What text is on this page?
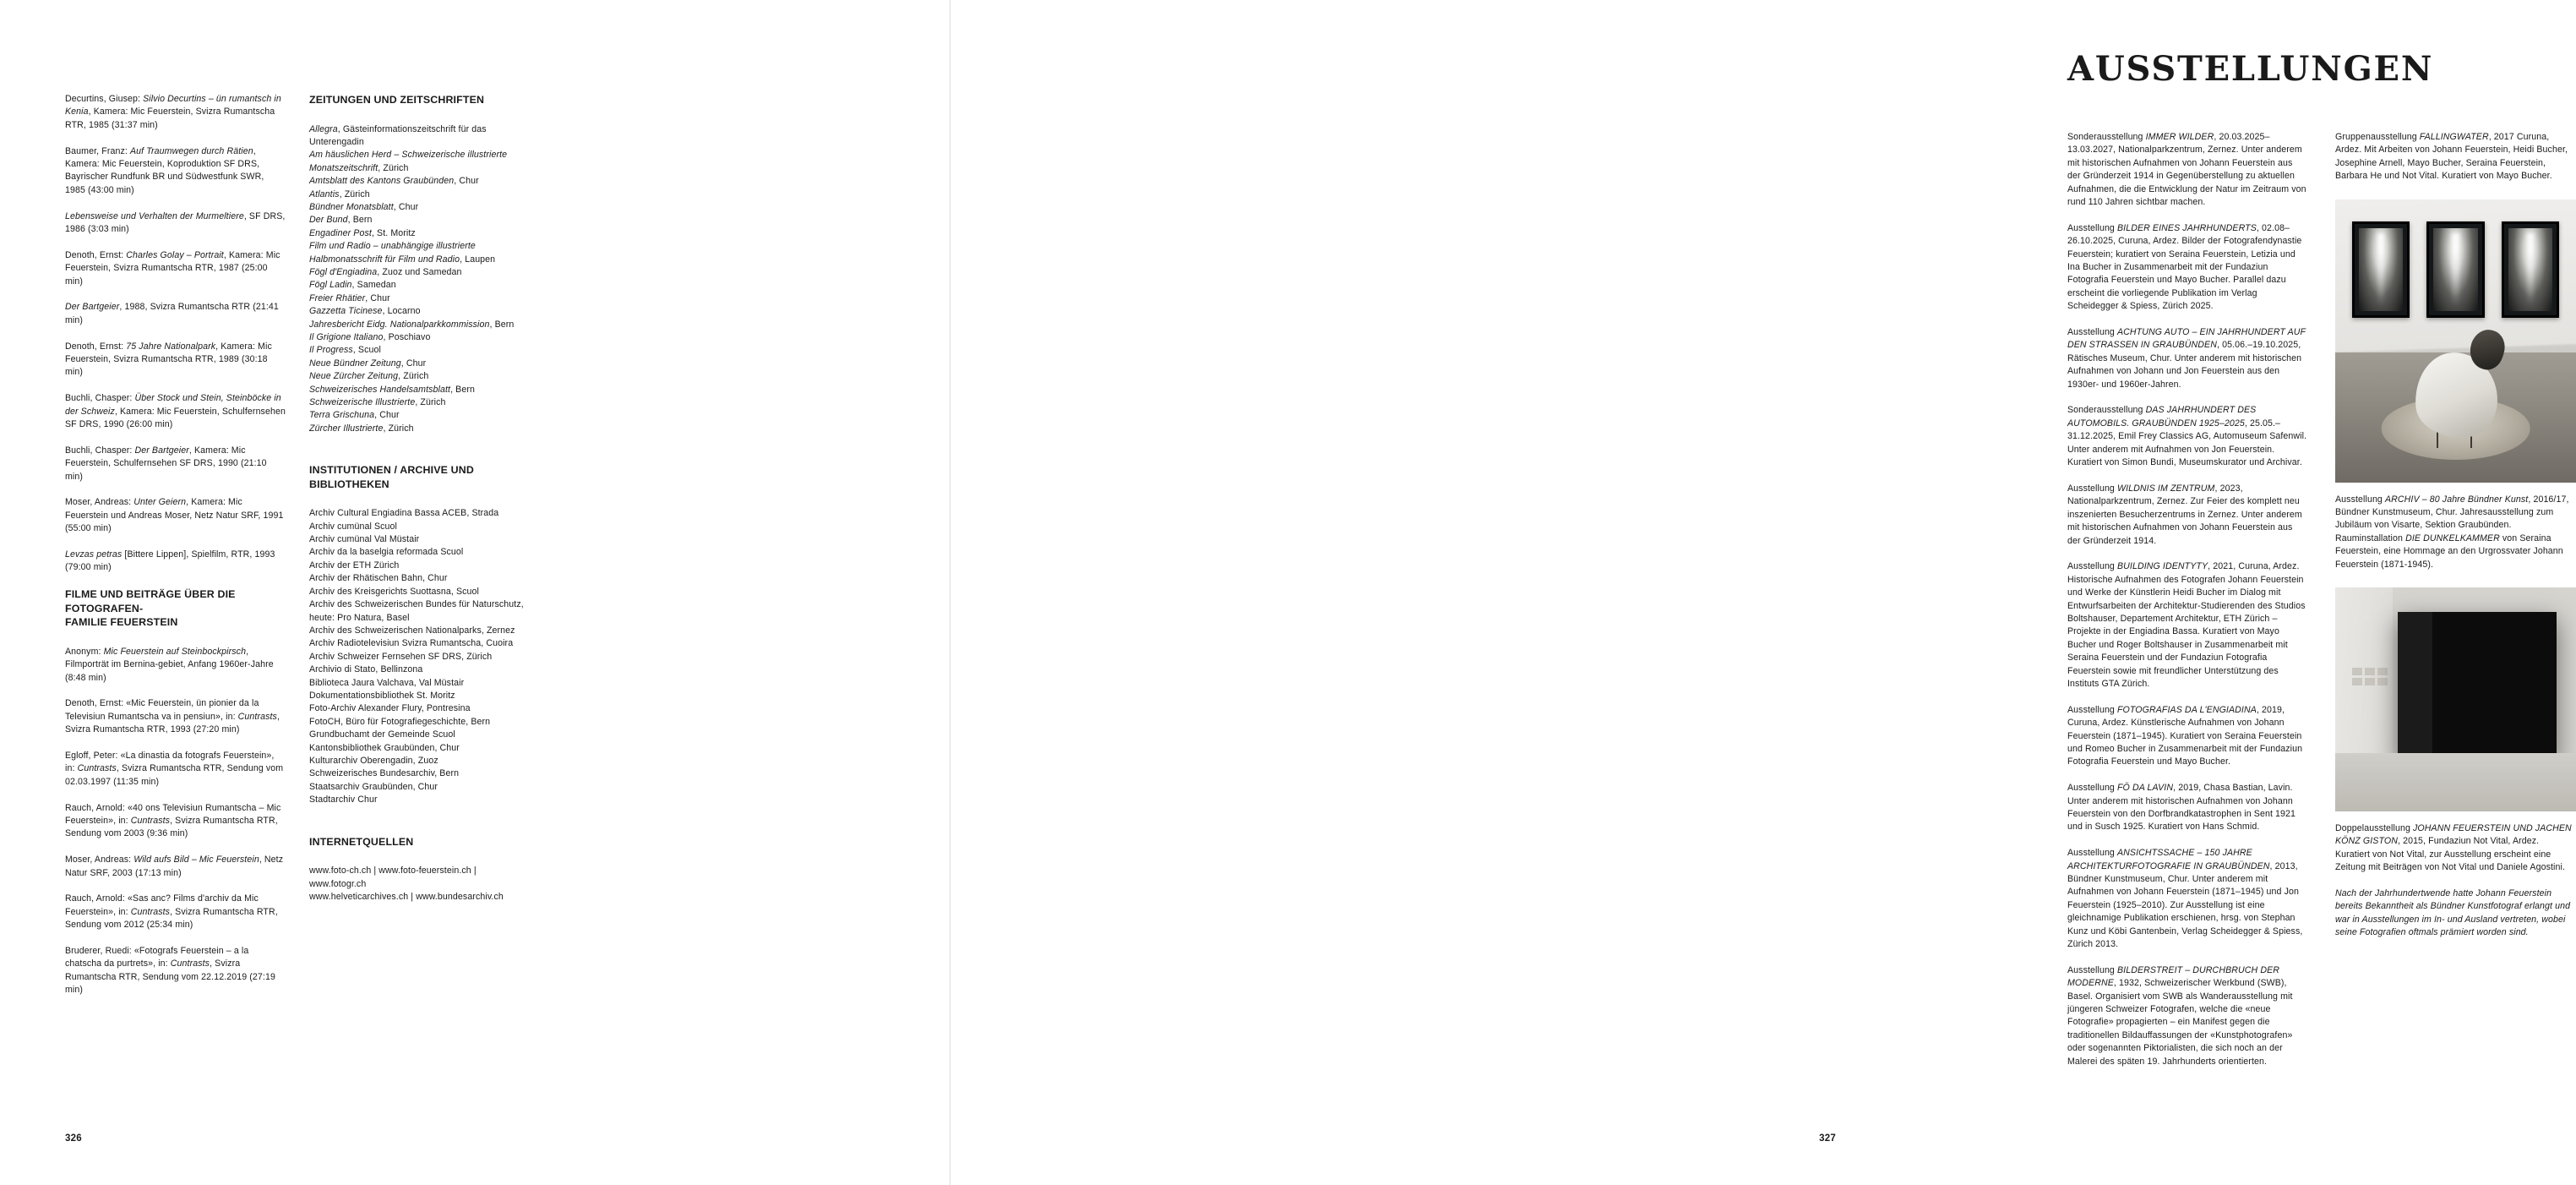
Decurtins, Giusep: Silvio Decurtins – ün rumantsch in Kenia, Kamera: Mic Feuerstein, Svizra Rumantscha RTR, 1985 (31:37 min)

Baumer, Franz: Auf Traumwegen durch Rätien, Kamera: Mic Feuerstein, Koproduktion SF DRS, Bayrischer Rundfunk BR und Südwestfunk SWR, 1985 (43:00 min)

Lebensweise und Verhalten der Murmeltiere, SF DRS, 1986 (3:03 min)

Denoth, Ernst: Charles Golay – Portrait, Kamera: Mic Feuerstein, Svizra Rumantscha RTR, 1987 (25:00 min)

Der Bartgeier, 1988, Svizra Rumantscha RTR (21:41 min)

Denoth, Ernst: 75 Jahre Nationalpark, Kamera: Mic Feuerstein, Svizra Rumantscha RTR, 1989 (30:18 min)

Buchli, Chasper: Über Stock und Stein, Steinböcke in der Schweiz, Kamera: Mic Feuerstein, Schulfernsehen SF DRS, 1990 (26:00 min)

Buchli, Chasper: Der Bartgeier, Kamera: Mic Feuerstein, Schulfernsehen SF DRS, 1990 (21:10 min)

Moser, Andreas: Unter Geiern, Kamera: Mic Feuerstein und Andreas Moser, Netz Natur SRF, 1991 (55:00 min)

Levzas petras [Bittere Lippen], Spielfilm, RTR, 1993 (79:00 min)

FILME UND BEITRÄGE ÜBER DIE FOTOGRAFEN-
FAMILIE FEUERSTEIN

Anonym: Mic Feuerstein auf Steinbockpirsch, Filmporträt im Bernina-gebiet, Anfang 1960er-Jahre (8:48 min)

Denoth, Ernst: «Mic Feuerstein, ün pionier da la Televisiun Rumantscha va in pensiun», in: Cuntrasts, Svizra Rumantscha RTR, 1993 (27:20 min)

Egloff, Peter: «La dinastia da fotografs Feuerstein», in: Cuntrasts, Svizra Rumantscha RTR, Sendung vom 02.03.1997 (11:35 min)

Rauch, Arnold: «40 ons Televisiun Rumantscha – Mic Feuerstein», in: Cuntrasts, Svizra Rumantscha RTR, Sendung vom 2003 (9:36 min)

Moser, Andreas: Wild aufs Bild – Mic Feuerstein, Netz Natur SRF, 2003 (17:13 min)

Rauch, Arnold: «Sas anc? Films d'archiv da Mic Feuerstein», in: Cuntrasts, Svizra Rumantscha RTR, Sendung vom 2012 (25:34 min)

Bruderer, Ruedi: «Fotografs Feuerstein – a la chatscha da purtrets», in: Cuntrasts, Svizra Rumantscha RTR, Sendung vom 22.12.2019 (27:19 min)

ZEITUNGEN UND ZEITSCHRIFTEN
Allegra, Gästeinformationszeitschrift für das Unterengadin
Am häuslichen Herd – Schweizerische illustrierte Monatszeitschrift, Zürich
Amtsblatt des Kantons Graubünden, Chur
Atlantis, Zürich
Bündner Monatsblatt, Chur
Der Bund, Bern
Engadiner Post, St. Moritz
Film und Radio – unabhängige illustrierte Halbmonatsschrift für Film und Radio, Laupen
Fögl d'Engiadina, Zuoz und Samedan
Fögl Ladin, Samedan
Freier Rhätier, Chur
Gazzetta Ticinese, Locarno
Jahresbericht Eidg. Nationalparkkommission, Bern
Il Grigione Italiano, Poschiavo
Il Progress, Scuol
Neue Bündner Zeitung, Chur
Neue Zürcher Zeitung, Zürich
Schweizerisches Handelsamtsblatt, Bern
Schweizerische Illustrierte, Zürich
Terra Grischuna, Chur
Zürcher Illustrierte, Zürich
INSTITUTIONEN / ARCHIVE UND
BIBLIOTHEKEN
Archiv Cultural Engiadina Bassa ACEB, Strada
Archiv cumünal Scuol
Archiv cumünal Val Müstair
Archiv da la baselgia reformada Scuol
Archiv der ETH Zürich
Archiv der Rhätischen Bahn, Chur
Archiv des Kreisgerichts Suottasna, Scuol
Archiv des Schweizerischen Bundes für Naturschutz, heute: Pro Natura, Basel
Archiv des Schweizerischen Nationalparks, Zernez
Archiv Radiotelevisiun Svizra Rumantscha, Cuoira
Archiv Schweizer Fernsehen SF DRS, Zürich
Archivio di Stato, Bellinzona
Biblioteca Jaura Valchava, Val Müstair
Dokumentationsbibliothek St. Moritz
Foto-Archiv Alexander Flury, Pontresina
FotoCH, Büro für Fotografiegeschichte, Bern
Grundbuchamt der Gemeinde Scuol
Kantonsbibliothek Graubünden, Chur
Kulturarchiv Oberengadin, Zuoz
Schweizerisches Bundesarchiv, Bern
Staatsarchiv Graubünden, Chur
Stadtarchiv Chur
INTERNETQUELLEN
www.foto-ch.ch | www.foto-feuerstein.ch | www.fotogr.ch
www.helveticarchives.ch | www.bundesarchiv.ch
326
AUSSTELLUNGEN

Sonderausstellung IMMER WILDER, 20.03.2025–13.03.2027, Nationalparkzentrum, Zernez. Unter anderem mit historischen Aufnahmen von Johann Feuerstein aus der Gründerzeit 1914 in Gegenüberstellung zu aktuellen Aufnahmen, die die Entwicklung der Natur im Zeitraum von rund 110 Jahren sichtbar machen.

Ausstellung BILDER EINES JAHRHUNDERTS, 02.08–26.10.2025, Curuna, Ardez. Bilder der Fotografendynastie Feuerstein; kuratiert von Seraina Feuerstein, Letizia und Ina Bucher in Zusammenarbeit mit der Fundaziun Fotografia Feuerstein und Mayo Bucher. Parallel dazu erscheint die vorliegende Publikation im Verlag Scheidegger & Spiess, Zürich 2025.

Ausstellung ACHTUNG AUTO – EIN JAHRHUNDERT AUF DEN STRASSEN IN GRAUBÜNDEN, 05.06.–19.10.2025, Rätisches Museum, Chur. Unter anderem mit historischen Aufnahmen von Johann und Jon Feuerstein aus den 1930er- und 1960er-Jahren.

Sonderausstellung DAS JAHRHUNDERT DES AUTOMOBILS. GRAUBÜNDEN 1925–2025, 25.05.–31.12.2025, Emil Frey Classics AG, Automuseum Safenwil. Unter anderem mit Aufnahmen von Jon Feuerstein. Kuratiert von Simon Bundi, Museumskurator und Archivar.

Ausstellung WILDNIS IM ZENTRUM, 2023, Nationalparkzentrum, Zernez. Zur Feier des komplett neu inszenierten Besucherzentrums in Zernez. Unter anderem mit historischen Aufnahmen von Johann Feuerstein aus der Gründerzeit 1914.

Ausstellung BUILDING IDENTYTY, 2021, Curuna, Ardez. Historische Aufnahmen des Fotografen Johann Feuerstein und Werke der Künstlerin Heidi Bucher im Dialog mit Entwurfsarbeiten der Architektur-Studierenden des Studios Boltshauser, Departement Architektur, ETH Zürich – Projekte in der Engiadina Bassa. Kuratiert von Mayo Bucher und Roger Boltshauser in Zusammenarbeit mit Seraina Feuerstein und der Fundaziun Fotografia Feuerstein sowie mit freundlicher Unterstützung des Instituts GTA Zürich.

Ausstellung FOTOGRAFIAS DA L'ENGIADINA, 2019, Curuna, Ardez. Künstlerische Aufnahmen von Johann Feuerstein (1871–1945). Kuratiert von Seraina Feuerstein und Romeo Bucher in Zusammenarbeit mit der Fundaziun Fotografia Feuerstein und Mayo Bucher.

Ausstellung FÖ DA LAVIN, 2019, Chasa Bastian, Lavin. Unter anderem mit historischen Aufnahmen von Johann Feuerstein von den Dorfbrandkatastrophen in Sent 1921 und in Susch 1925. Kuratiert von Hans Schmid.

Ausstellung ANSICHTSSACHE – 150 JAHRE ARCHITEKTURFOTOGRAFIE IN GRAUBÜNDEN, 2013, Bündner Kunstmuseum, Chur. Unter anderem mit Aufnahmen von Johann Feuerstein (1871–1945) und Jon Feuerstein (1925–2010). Zur Ausstellung ist eine gleichnamige Publikation erschienen, hrsg. von Stephan Kunz und Köbi Gantenbein, Verlag Scheidegger & Spiess, Zürich 2013.

Ausstellung BILDERSTREIT – DURCHBRUCH DER MODERNE, 1932, Schweizerischer Werkbund (SWB), Basel. Organisiert vom SWB als Wanderausstellung mit jüngeren Schweizer Fotografen, welche die «neue Fotografie» propagierten – ein Manifest gegen die traditionellen Bildauffassungen der «Kunstphotografen» oder sogenannten Piktorialisten, die sich noch an der Malerei des späten 19. Jahrhunderts orientierten.

Gruppenausstellung FALLINGWATER, 2017 Curuna, Ardez. Mit Arbeiten von Johann Feuerstein, Heidi Bucher, Josephine Arnell, Mayo Bucher, Seraina Feuerstein, Barbara He und Not Vital. Kuratiert von Mayo Bucher.

Ausstellung ARCHIV – 80 Jahre Bündner Kunst, 2016/17, Bündner Kunstmuseum, Chur. Jahresausstellung zum Jubiläum von Visarte, Sektion Graubünden. Rauminstallation DIE DUNKELKAMMER von Seraina Feuerstein, eine Hommage an den Urgrossvater Johann Feuerstein (1871-1945).

Doppelausstellung JOHANN FEUERSTEIN UND JACHEN KÖNZ GISTON, 2015, Fundaziun Not Vital, Ardez. Kuratiert von Not Vital, zur Ausstellung erscheint eine Zeitung mit Beiträgen von Not Vital und Daniele Agostini.

Nach der Jahrhundertwende hatte Johann Feuerstein bereits Bekanntheit als Bündner Kunstfotograf erlangt und war in Ausstellungen im In- und Ausland vertreten, wobei seine Fotografien oftmals prämiert worden sind.

327
